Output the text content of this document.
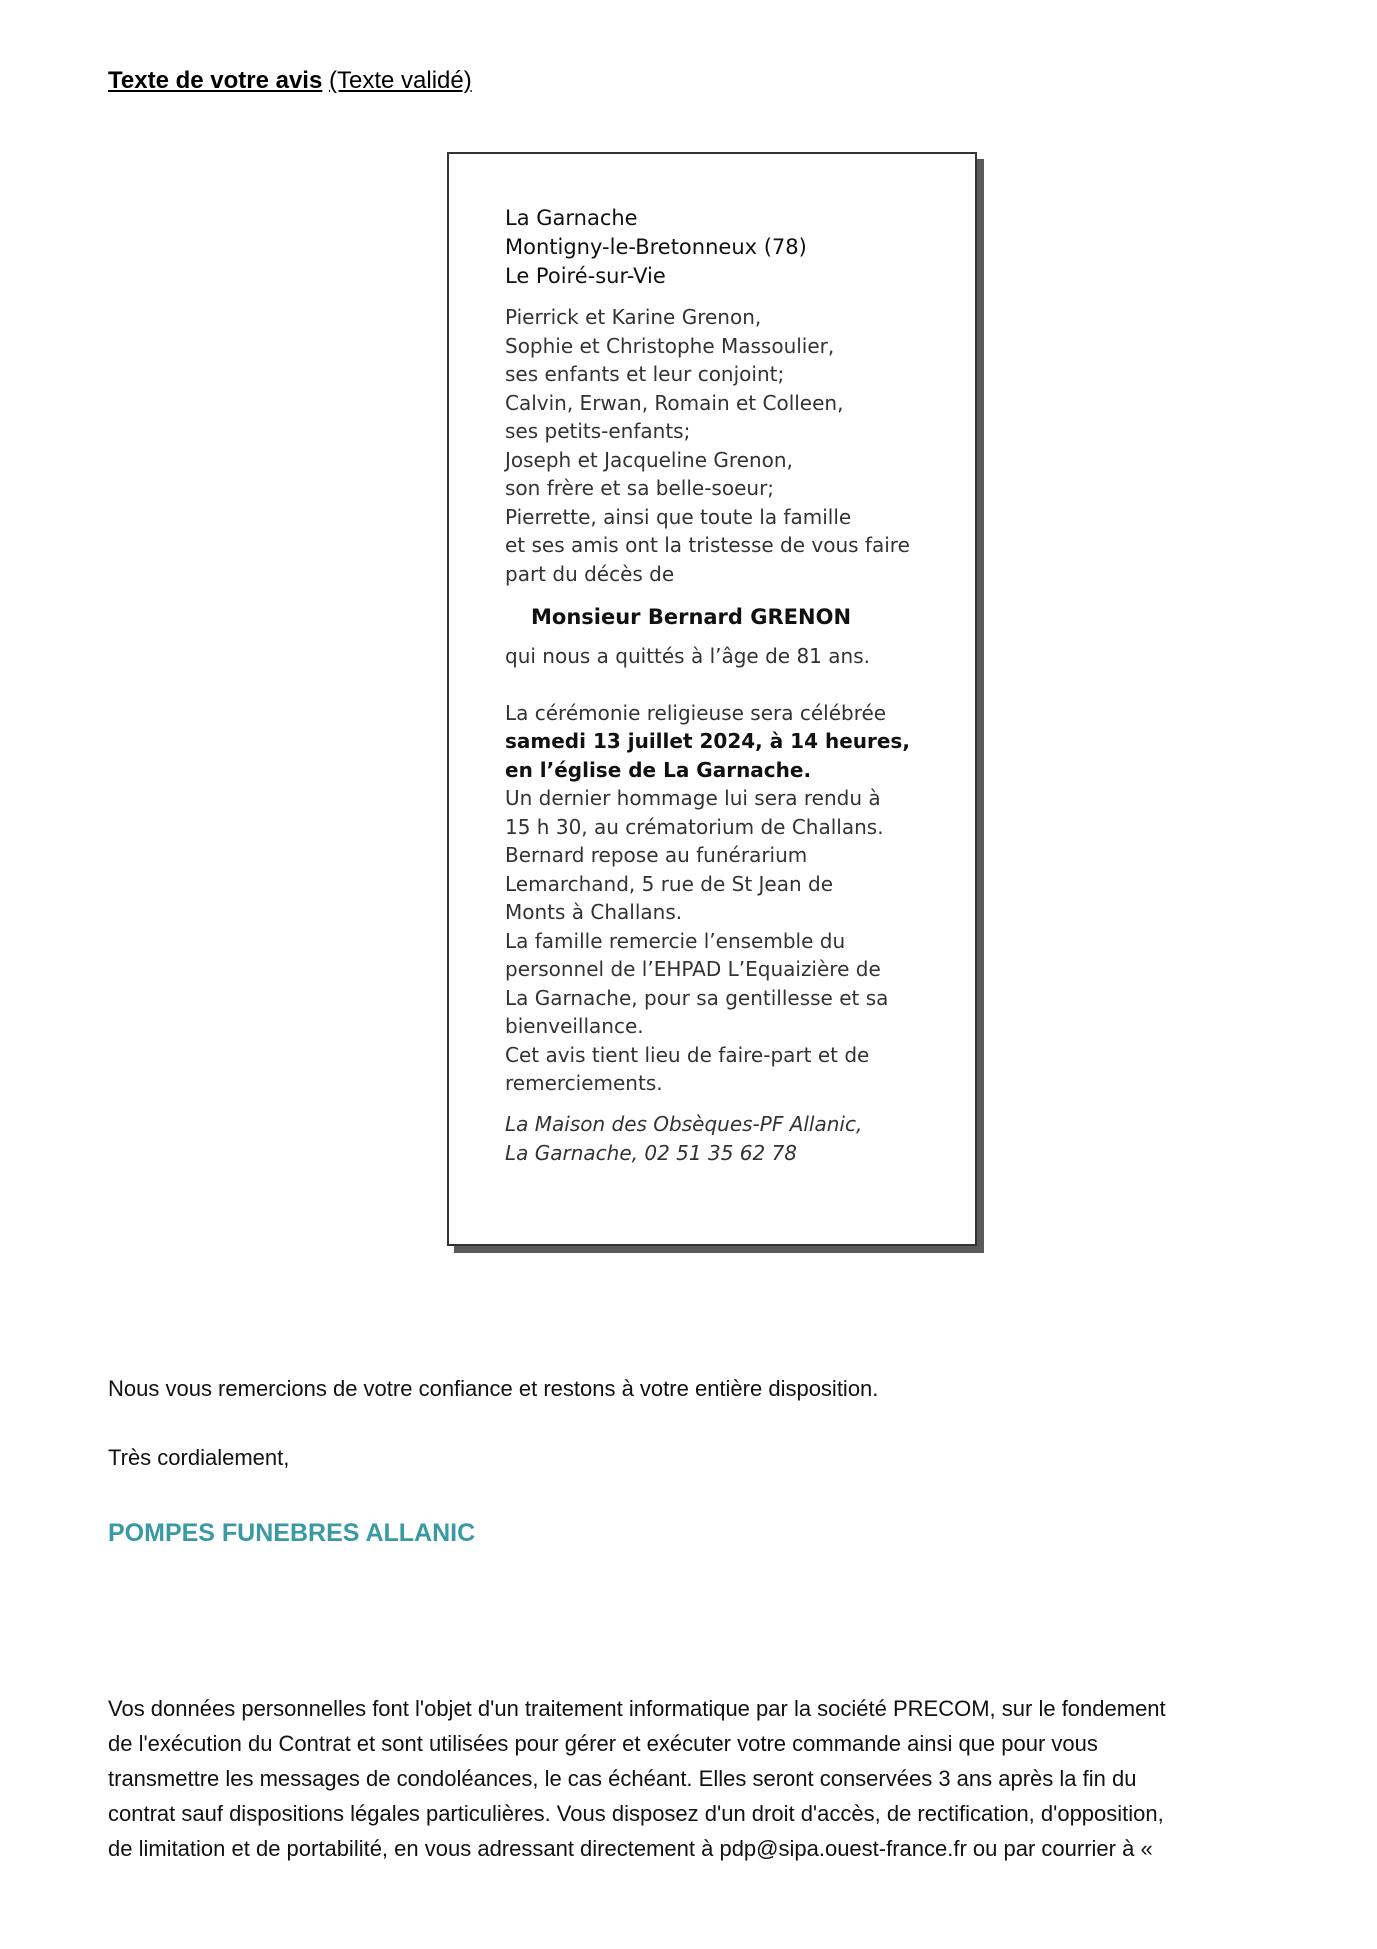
Texte de votre avis (Texte validé)

La Garnache
Montigny-le-Bretonneux (78)
Le Poiré-sur-Vie
Pierrick et Karine Grenon,
Sophie et Christophe Massoulier,
ses enfants et leur conjoint;
Calvin, Erwan, Romain et Colleen,
ses petits-enfants;
Joseph et Jacqueline Grenon,
son frère et sa belle-soeur;
Pierrette, ainsi que toute la famille
et ses amis ont la tristesse de vous faire
part du décès de
Monsieur Bernard GRENON
qui nous a quittés à l’âge de 81 ans.
La cérémonie religieuse sera célébrée
samedi 13 juillet 2024, à 14 heures,
en l’église de La Garnache.
Un dernier hommage lui sera rendu à
15 h 30, au crématorium de Challans.
Bernard repose au funérarium
Lemarchand, 5 rue de St Jean de
Monts à Challans.
La famille remercie l’ensemble du
personnel de l’EHPAD L’Equaizière de
La Garnache, pour sa gentillesse et sa
bienveillance.
Cet avis tient lieu de faire-part et de
remerciements.
La Maison des Obsèques-PF Allanic,
La Garnache, 02 51 35 62 78

Nous vous remercions de votre confiance et restons à votre entière disposition.

Très cordialement,

POMPES FUNEBRES ALLANIC

Vos données personnelles font l'objet d'un traitement informatique par la société PRECOM, sur le fondement
de l'exécution du Contrat et sont utilisées pour gérer et exécuter votre commande ainsi que pour vous
transmettre les messages de condoléances, le cas échéant. Elles seront conservées 3 ans après la fin du
contrat sauf dispositions légales particulières. Vous disposez d'un droit d'accès, de rectification, d'opposition,
de limitation et de portabilité, en vous adressant directement à pdp@sipa.ouest-france.fr ou par courrier à «
